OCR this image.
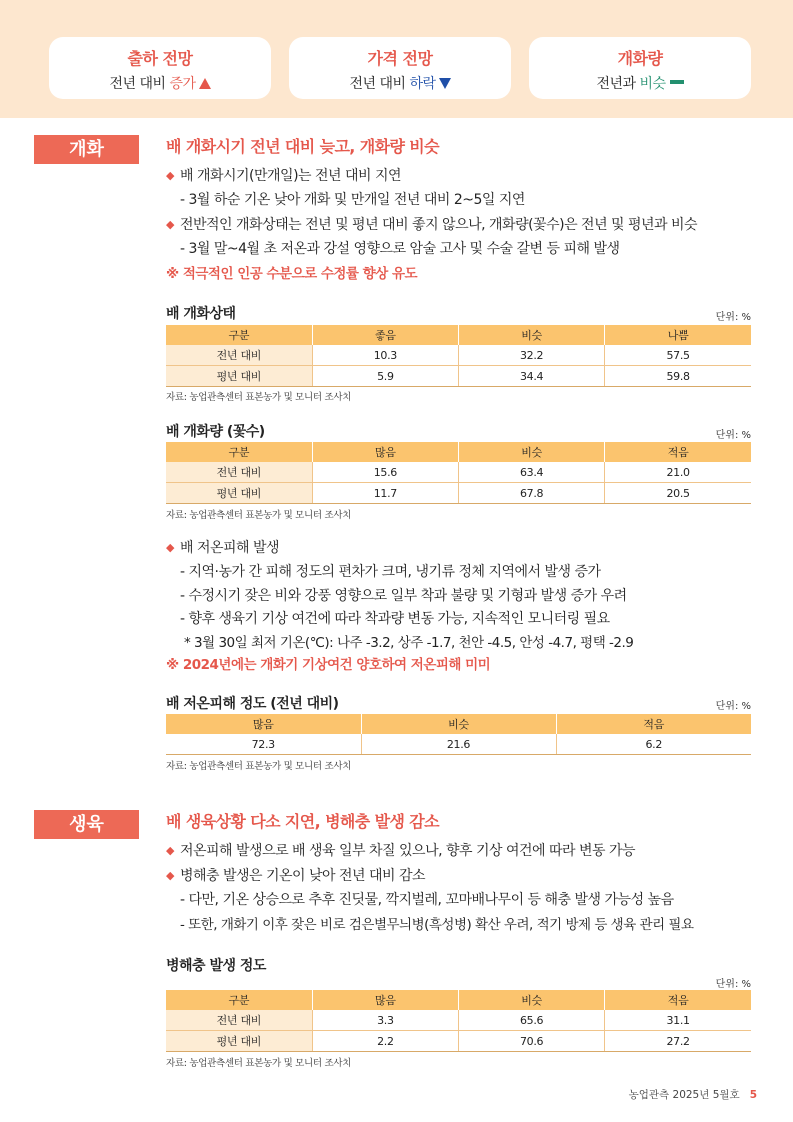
출하 전망
전년 대비 증가
가격 전망
전년 대비 하락
개화량
전년과 비슷
개화	배 개화시기 전년 대비 늦고, 개화량 비슷
◆ 배 개화시기(만개일)는 전년 대비 지연
- 3월 하순 기온 낮아 개화 및 만개일 전년 대비 2~5일 지연
◆ 전반적인 개화상태는 전년 및 평년 대비 좋지 않으나, 개화량(꽃수)은 전년 및 평년과 비슷
- 3월 말~4월 초 저온과 강설 영향으로 암술 고사 및 수술 갈변 등 피해 발생
※ 적극적인 인공 수분으로 수정률 향상 유도
배 개화상태	단위: %
구분	좋음	비슷	나쁨
전년 대비	10.3	32.2	57.5
평년 대비	5.9	34.4	59.8
자료: 농업관측센터 표본농가 및 모니터 조사치
배 개화량 (꽃수)	단위: %
구분	많음	비슷	적음
전년 대비	15.6	63.4	21.0
평년 대비	11.7	67.8	20.5
자료: 농업관측센터 표본농가 및 모니터 조사치
◆ 배 저온피해 발생
- 지역·농가 간 피해 정도의 편차가 크며, 냉기류 정체 지역에서 발생 증가
- 수정시기 잦은 비와 강풍 영향으로 일부 착과 불량 및 기형과 발생 증가 우려
- 향후 생육기 기상 여건에 따라 착과량 변동 가능, 지속적인 모니터링 필요
* 3월 30일 최저 기온(℃): 나주 -3.2, 상주 -1.7, 천안 -4.5, 안성 -4.7, 평택 -2.9
※ 2024년에는 개화기 기상여건 양호하여 저온피해 미미
배 저온피해 정도 (전년 대비)	단위: %
많음	비슷	적음
72.3	21.6	6.2
자료: 농업관측센터 표본농가 및 모니터 조사치
생육	배 생육상황 다소 지연, 병해충 발생 감소
◆ 저온피해 발생으로 배 생육 일부 차질 있으나, 향후 기상 여건에 따라 변동 가능
◆ 병해충 발생은 기온이 낮아 전년 대비 감소
- 다만, 기온 상승으로 추후 진딧물, 깍지벌레, 꼬마배나무이 등 해충 발생 가능성 높음
- 또한, 개화기 이후 잦은 비로 검은별무늬병(흑성병) 확산 우려, 적기 방제 등 생육 관리 필요
병해충 발생 정도
단위: %
구분	많음	비슷	적음
전년 대비	3.3	65.6	31.1
평년 대비	2.2	70.6	27.2
자료: 농업관측센터 표본농가 및 모니터 조사치
농업관측 2025년 5월호 5
